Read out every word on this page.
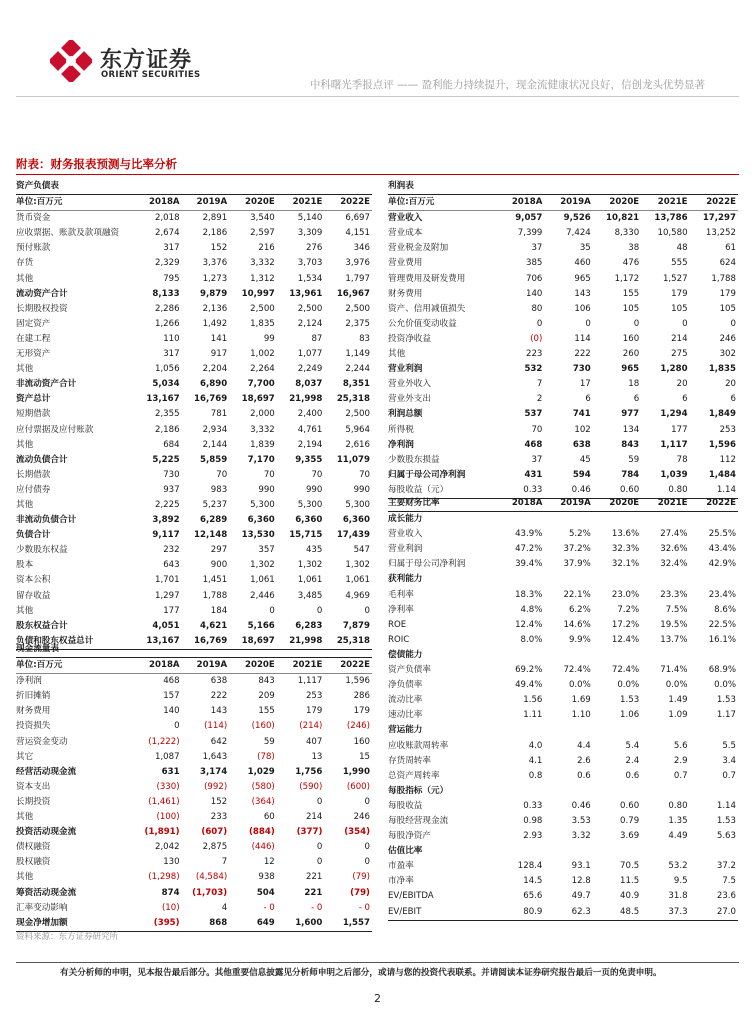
东方证券
ORIENT SECURITIES
中科曙光季报点评 —— 盈利能力持续提升，现金流健康状况良好，信创龙头优势显著
附表：财务报表预测与比率分析
资产负债表					
单位:百万元	2018A	2019A	2020E	2021E	2022E
货币资金	2,018	2,891	3,540	5,140	6,697
应收票据、账款及款项融资	2,674	2,186	2,597	3,309	4,151
预付账款	317	152	216	276	346
存货	2,329	3,376	3,332	3,703	3,976
其他	795	1,273	1,312	1,534	1,797
流动资产合计	8,133	9,879	10,997	13,961	16,967
长期股权投资	2,286	2,136	2,500	2,500	2,500
固定资产	1,266	1,492	1,835	2,124	2,375
在建工程	110	141	99	87	83
无形资产	317	917	1,002	1,077	1,149
其他	1,056	2,204	2,264	2,249	2,244
非流动资产合计	5,034	6,890	7,700	8,037	8,351
资产总计	13,167	16,769	18,697	21,998	25,318
短期借款	2,355	781	2,000	2,400	2,500
应付票据及应付账款	2,186	2,934	3,332	4,761	5,964
其他	684	2,144	1,839	2,194	2,616
流动负债合计	5,225	5,859	7,170	9,355	11,079
长期借款	730	70	70	70	70
应付债券	937	983	990	990	990
其他	2,225	5,237	5,300	5,300	5,300
非流动负债合计	3,892	6,289	6,360	6,360	6,360
负债合计	9,117	12,148	13,530	15,715	17,439
少数股东权益	232	297	357	435	547
股本	643	900	1,302	1,302	1,302
资本公积	1,701	1,451	1,061	1,061	1,061
留存收益	1,297	1,788	2,446	3,485	4,969
其他	177	184	0	0	0
股东权益合计	4,051	4,621	5,166	6,283	7,879
负债和股东权益总计	13,167	16,769	18,697	21,998	25,318
现金流量表					
单位:百万元	2018A	2019A	2020E	2021E	2022E
净利润	468	638	843	1,117	1,596
折旧摊销	157	222	209	253	286
财务费用	140	143	155	179	179
投资损失	0	(114)	(160)	(214)	(246)
营运资金变动	(1,222)	642	59	407	160
其它	1,087	1,643	(78)	13	15
经营活动现金流	631	3,174	1,029	1,756	1,990
资本支出	(330)	(992)	(580)	(590)	(600)
长期投资	(1,461)	152	(364)	0	0
其他	(100)	233	60	214	246
投资活动现金流	(1,891)	(607)	(884)	(377)	(354)
债权融资	2,042	2,875	(446)	0	0
股权融资	130	7	12	0	0
其他	(1,298)	(4,584)	938	221	(79)
筹资活动现金流	874	(1,703)	504	221	(79)
汇率变动影响	(10)	4	- 0	- 0	- 0
现金净增加额	(395)	868	649	1,600	1,557
利润表					
单位:百万元	2018A	2019A	2020E	2021E	2022E
营业收入	9,057	9,526	10,821	13,786	17,297
营业成本	7,399	7,424	8,330	10,580	13,252
营业税金及附加	37	35	38	48	61
营业费用	385	460	476	555	624
管理费用及研发费用	706	965	1,172	1,527	1,788
财务费用	140	143	155	179	179
资产、信用减值损失	80	106	105	105	105
公允价值变动收益	0	0	0	0	0
投资净收益	(0)	114	160	214	246
其他	223	222	260	275	302
营业利润	532	730	965	1,280	1,835
营业外收入	7	17	18	20	20
营业外支出	2	6	6	6	6
利润总额	537	741	977	1,294	1,849
所得税	70	102	134	177	253
净利润	468	638	843	1,117	1,596
少数股东损益	37	45	59	78	112
归属于母公司净利润	431	594	784	1,039	1,484
每股收益（元）	0.33	0.46	0.60	0.80	1.14
主要财务比率	2018A	2019A	2020E	2021E	2022E
成长能力					
营业收入	43.9%	5.2%	13.6%	27.4%	25.5%
营业利润	47.2%	37.2%	32.3%	32.6%	43.4%
归属于母公司净利润	39.4%	37.9%	32.1%	32.4%	42.9%
获利能力					
毛利率	18.3%	22.1%	23.0%	23.3%	23.4%
净利率	4.8%	6.2%	7.2%	7.5%	8.6%
ROE	12.4%	14.6%	17.2%	19.5%	22.5%
ROIC	8.0%	9.9%	12.4%	13.7%	16.1%
偿债能力					
资产负债率	69.2%	72.4%	72.4%	71.4%	68.9%
净负债率	49.4%	0.0%	0.0%	0.0%	0.0%
流动比率	1.56	1.69	1.53	1.49	1.53
速动比率	1.11	1.10	1.06	1.09	1.17
营运能力					
应收账款周转率	4.0	4.4	5.4	5.6	5.5
存货周转率	4.1	2.6	2.4	2.9	3.4
总资产周转率	0.8	0.6	0.6	0.7	0.7
每股指标（元）					
每股收益	0.33	0.46	0.60	0.80	1.14
每股经营现金流	0.98	3.53	0.79	1.35	1.53
每股净资产	2.93	3.32	3.69	4.49	5.63
估值比率					
市盈率	128.4	93.1	70.5	53.2	37.2
市净率	14.5	12.8	11.5	9.5	7.5
EV/EBITDA	65.6	49.7	40.9	31.8	23.6
EV/EBIT	80.9	62.3	48.5	37.3	27.0
资料来源：东方证券研究所
有关分析师的申明，见本报告最后部分。其他重要信息披露见分析师申明之后部分，或请与您的投资代表联系。并请阅读本证券研究报告最后一页的免责申明。
2
